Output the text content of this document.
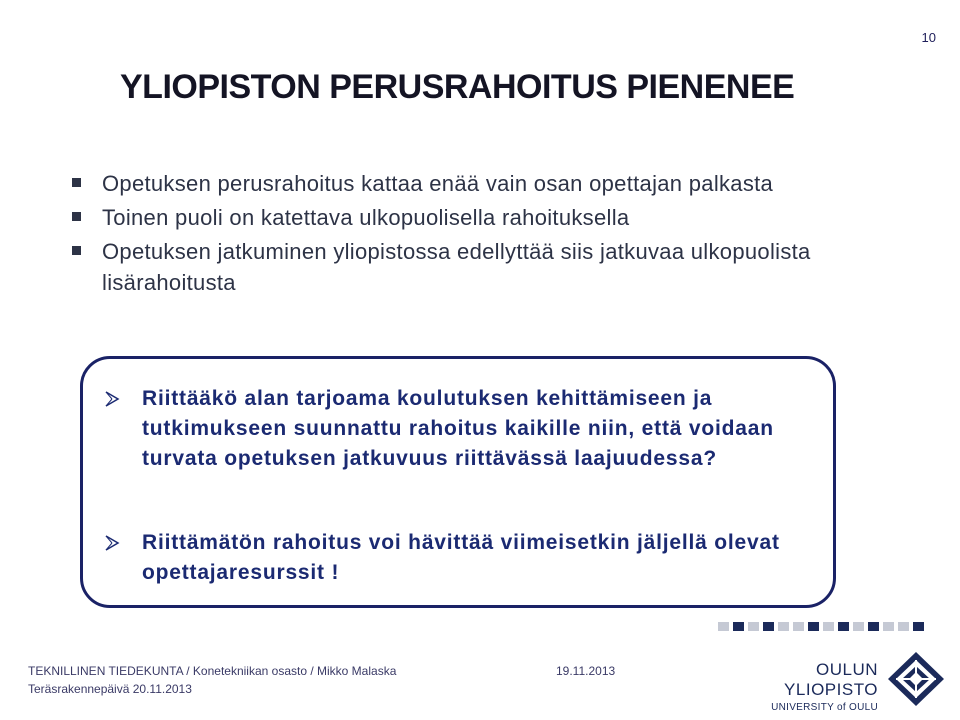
10
YLIOPISTON PERUSRAHOITUS PIENENEE
Opetuksen perusrahoitus kattaa enää vain osan opettajan palkasta
Toinen puoli on katettava ulkopuolisella rahoituksella
Opetuksen jatkuminen yliopistossa edellyttää siis jatkuvaa ulkopuolista lisärahoitusta
Riittääkö alan tarjoama koulutuksen kehittämiseen ja tutkimukseen suunnattu rahoitus kaikille niin, että voidaan turvata opetuksen jatkuvuus riittävässä laajuudessa?
Riittämätön rahoitus voi hävittää viimeisetkin jäljellä olevat opettajaresurssit !
TEKNILLINEN TIEDEKUNTA / Konetekniikan osasto / Mikko Malaska
Teräsrakennepäivä 20.11.2013
19.11.2013	OULUN YLIOPISTO
UNIVERSITY of OULU
